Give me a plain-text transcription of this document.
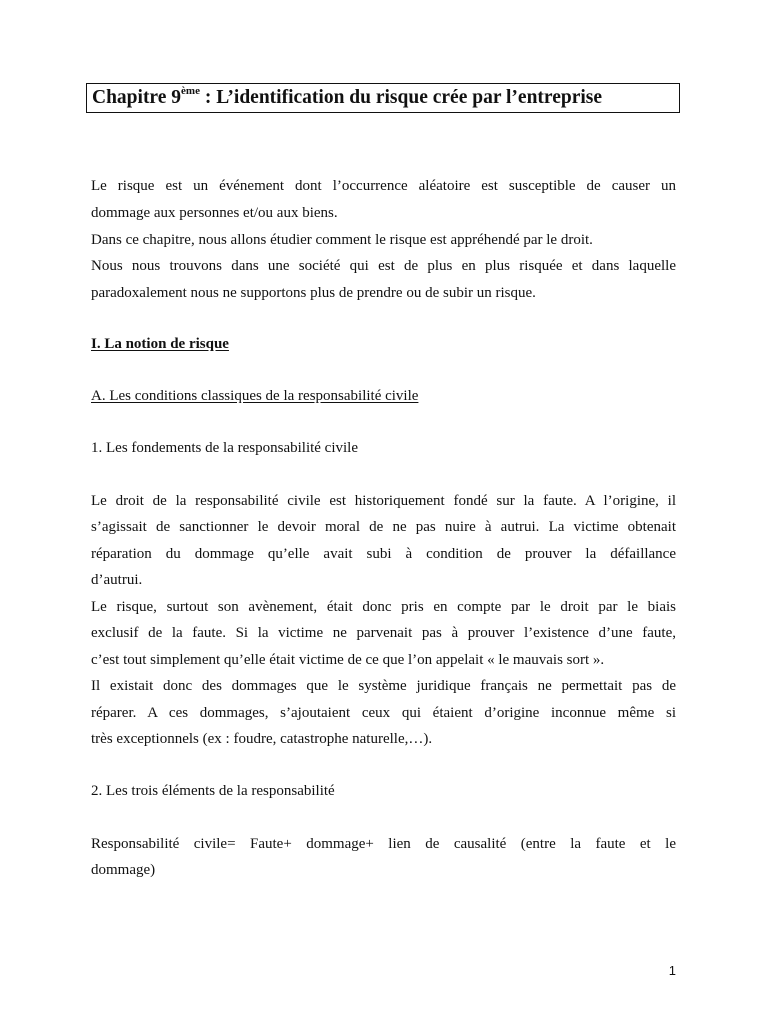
Chapitre 9ème : L’identification du risque crée par l’entreprise
Le risque est un événement dont l’occurrence aléatoire est susceptible de causer un
dommage aux personnes et/ou aux biens.
Dans ce chapitre, nous allons étudier comment le risque est appréhendé par le droit.
Nous nous trouvons dans une société qui est de plus en plus risquée et dans laquelle
paradoxalement nous ne supportons plus de prendre ou de subir un risque.
I. La notion de risque
A. Les conditions classiques de la responsabilité civile
1. Les fondements de la responsabilité civile
Le droit de la responsabilité civile est historiquement fondé sur la faute. A l’origine, il
s’agissait de sanctionner le devoir moral de ne pas nuire à autrui. La victime obtenait
réparation du dommage qu’elle avait subi à condition de prouver la défaillance
d’autrui.
Le risque, surtout son avènement, était donc pris en compte par le droit par le biais
exclusif de la faute. Si la victime ne parvenait pas à prouver l’existence d’une faute,
c’est tout simplement qu’elle était victime de ce que l’on appelait « le mauvais sort ».
Il existait donc des dommages que le système juridique français ne permettait pas de
réparer. A ces dommages, s’ajoutaient ceux qui étaient d’origine inconnue même si
très exceptionnels (ex : foudre, catastrophe naturelle,…).
2. Les trois éléments de la responsabilité
Responsabilité civile= Faute+ dommage+ lien de causalité (entre la faute et le
dommage)
1
